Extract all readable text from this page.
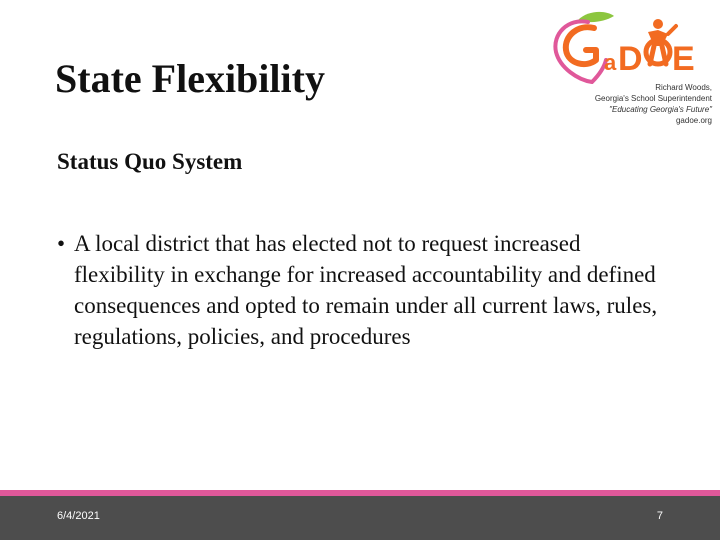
State Flexibility	a D E
Richard Woods,
Georgia's School Superintendent
"Educating Georgia's Future"
gadoe.org
Status Quo System
• A local district that has elected not to request increased flexibility in exchange for increased accountability and defined consequences and opted to remain under all current laws, rules, regulations, policies, and procedures
6/4/2021	7
